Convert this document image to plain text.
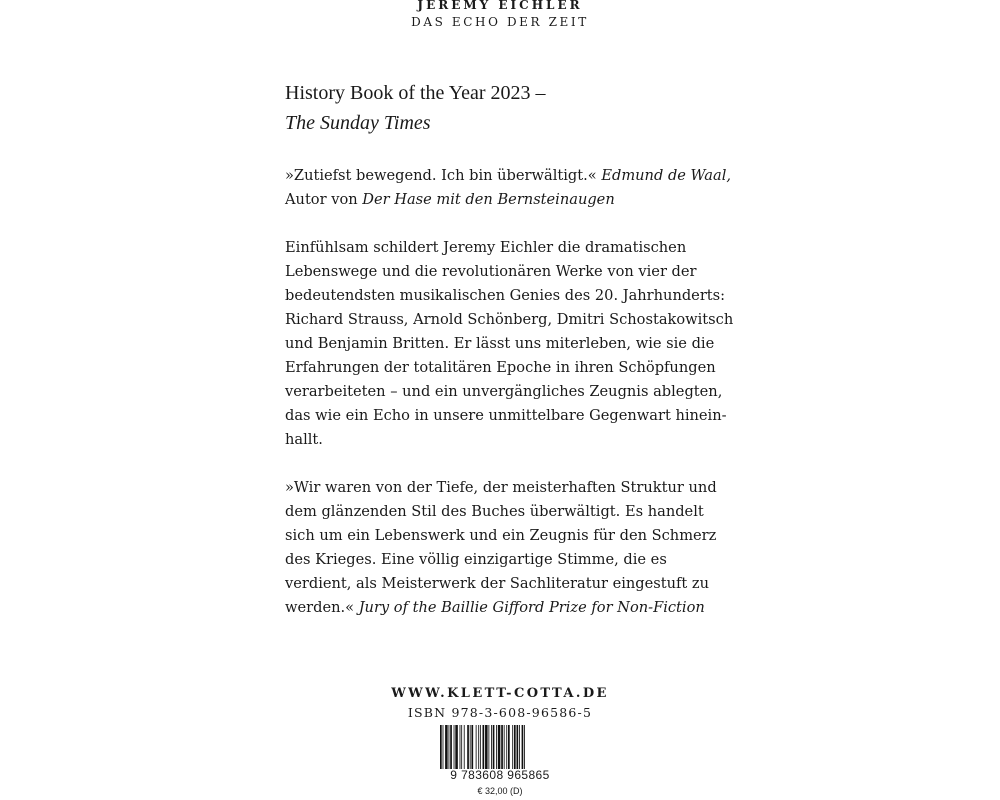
JEREMY EICHLER
DAS ECHO DER ZEIT
History Book of the Year 2023 –
The Sunday Times
»Zutiefst bewegend. Ich bin überwältigt.« Edmund de Waal,
Autor von Der Hase mit den Bernsteinaugen
Einfühlsam schildert Jeremy Eichler die dramatischen
Lebenswege und die revolutionären Werke von vier der
bedeutendsten musikalischen Genies des 20. Jahrhunderts:
Richard Strauss, Arnold Schönberg, Dmitri Schostakowitsch
und Benjamin Britten. Er lässt uns miterleben, wie sie die
Erfahrungen der totalitären Epoche in ihren Schöpfungen
verarbeiteten – und ein unvergängliches Zeugnis ablegten,
das wie ein Echo in unsere unmittelbare Gegenwart hinein-
hallt.
»Wir waren von der Tiefe, der meisterhaften Struktur und
dem glänzenden Stil des Buches überwältigt. Es handelt
sich um ein Lebenswerk und ein Zeugnis für den Schmerz
des Krieges. Eine völlig einzigartige Stimme, die es
verdient, als Meisterwerk der Sachliteratur eingestuft zu
werden.« Jury of the Baillie Gifford Prize for Non-Fiction
WWW.KLETT-COTTA.DE
ISBN 978-3-608-96586-5
9 783608 965865
€ 32,00 (D)
